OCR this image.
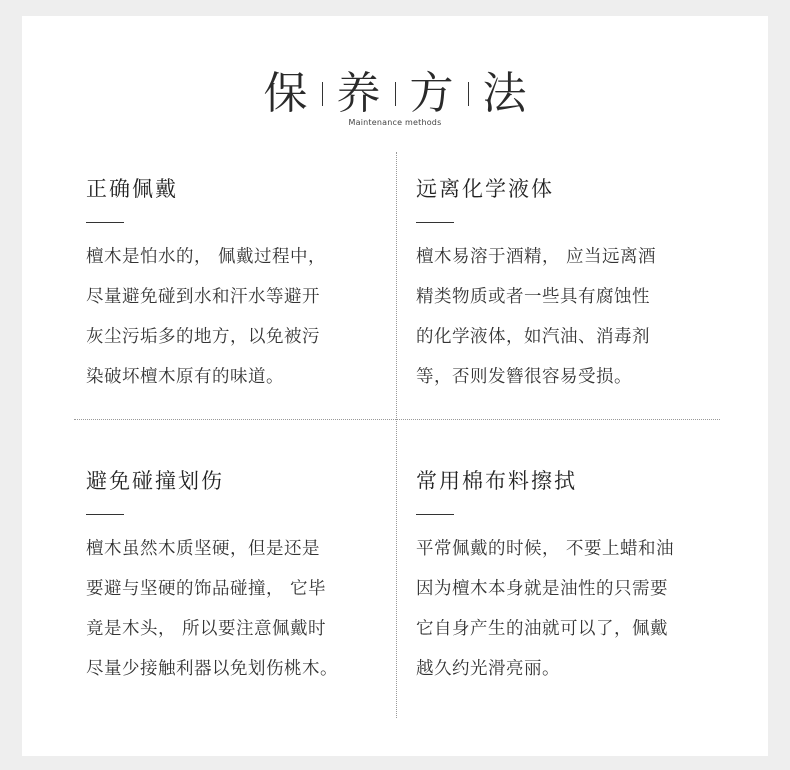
保 养 方 法
Maintenance methods
正确佩戴
檀木是怕水的， 佩戴过程中，
尽量避免碰到水和汗水等避开
灰尘污垢多的地方，以免被污
染破坏檀木原有的味道。
远离化学液体
檀木易溶于酒精， 应当远离酒
精类物质或者一些具有腐蚀性
的化学液体，如汽油、消毒剂
等，否则发簪很容易受损。
避免碰撞划伤
檀木虽然木质坚硬，但是还是
要避与坚硬的饰品碰撞， 它毕
竟是木头， 所以要注意佩戴时
尽量少接触利器以免划伤桃木。
常用棉布料擦拭
平常佩戴的时候， 不要上蜡和油
因为檀木本身就是油性的只需要
它自身产生的油就可以了，佩戴
越久约光滑亮丽。
